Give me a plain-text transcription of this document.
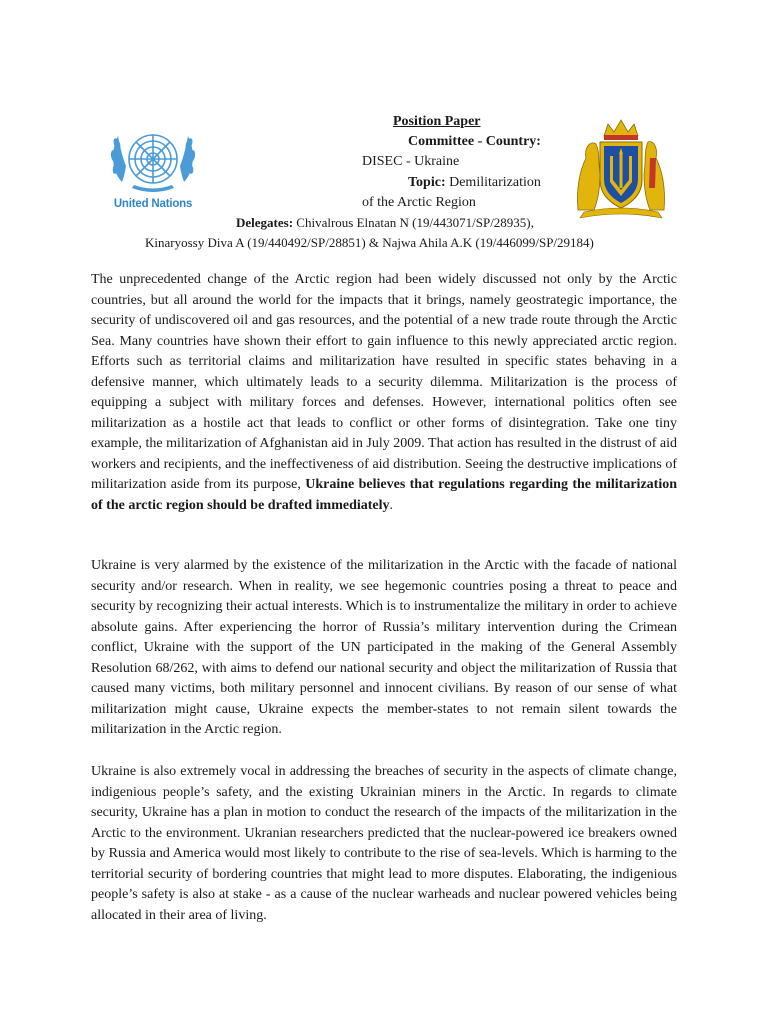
United Nations
Position Paper
Committee - Country:
DISEC - Ukraine
Topic: Demilitarization
of the Arctic Region
Delegates: Chivalrous Elnatan N (19/443071/SP/28935),
Kinaryossy Diva A (19/440492/SP/28851) & Najwa Ahila A.K (19/446099/SP/29184)

The unprecedented change of the Arctic region had been widely discussed not only by the Arctic countries, but all around the world for the impacts that it brings, namely geostrategic importance, the security of undiscovered oil and gas resources, and the potential of a new trade route through the Arctic Sea. Many countries have shown their effort to gain influence to this newly appreciated arctic region. Efforts such as territorial claims and militarization have resulted in specific states behaving in a defensive manner, which ultimately leads to a security dilemma. Militarization is the process of equipping a subject with military forces and defenses. However, international politics often see militarization as a hostile act that leads to conflict or other forms of disintegration. Take one tiny example, the militarization of Afghanistan aid in July 2009. That action has resulted in the distrust of aid workers and recipients, and the ineffectiveness of aid distribution. Seeing the destructive implications of militarization aside from its purpose, Ukraine believes that regulations regarding the militarization of the arctic region should be drafted immediately.

Ukraine is very alarmed by the existence of the militarization in the Arctic with the facade of national security and/or research. When in reality, we see hegemonic countries posing a threat to peace and security by recognizing their actual interests. Which is to instrumentalize the military in order to achieve absolute gains. After experiencing the horror of Russia’s military intervention during the Crimean conflict, Ukraine with the support of the UN participated in the making of the General Assembly Resolution 68/262, with aims to defend our national security and object the militarization of Russia that caused many victims, both military personnel and innocent civilians. By reason of our sense of what militarization might cause, Ukraine expects the member-states to not remain silent towards the militarization in the Arctic region.

Ukraine is also extremely vocal in addressing the breaches of security in the aspects of climate change, indigenious people’s safety, and the existing Ukrainian miners in the Arctic. In regards to climate security, Ukraine has a plan in motion to conduct the research of the impacts of the militarization in the Arctic to the environment. Ukranian researchers predicted that the nuclear-powered ice breakers owned by Russia and America would most likely to contribute to the rise of sea-levels. Which is harming to the territorial security of bordering countries that might lead to more disputes. Elaborating, the indigenious people’s safety is also at stake - as a cause of the nuclear warheads and nuclear powered vehicles being allocated in their area of living.
